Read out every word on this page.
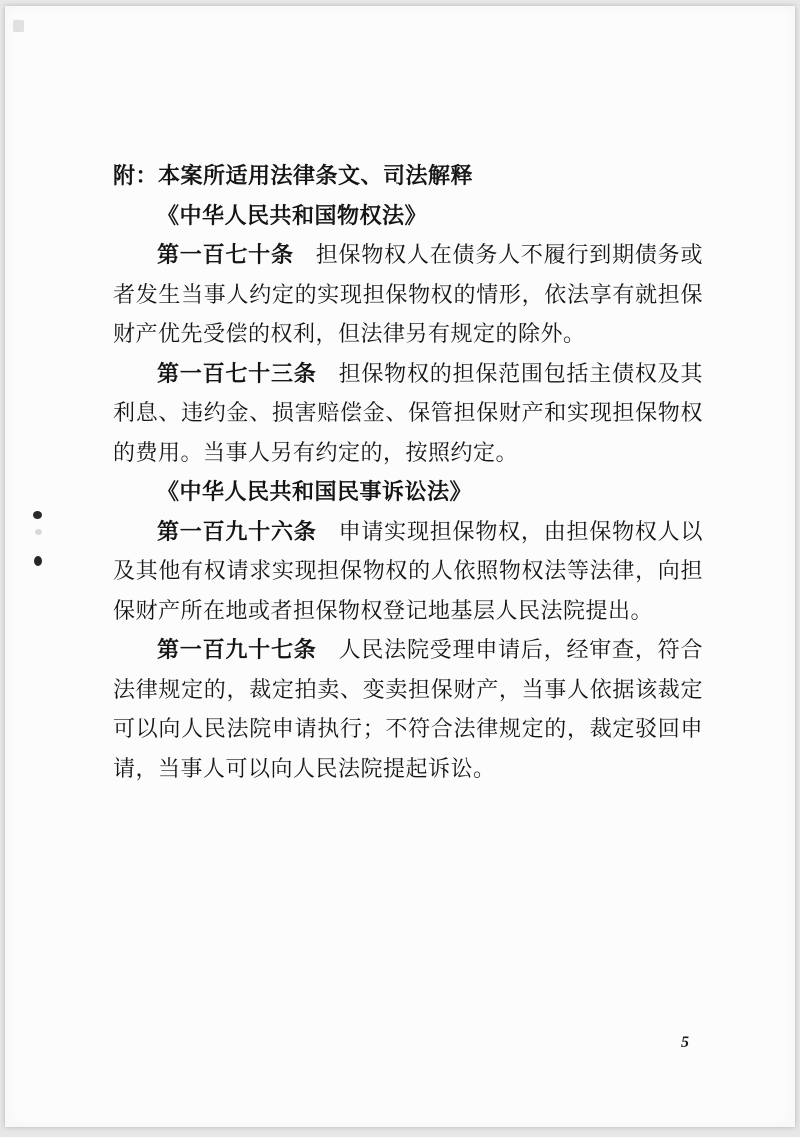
附：本案所适用法律条文、司法解释

《中华人民共和国物权法》

第一百七十条 担保物权人在债务人不履行到期债务或者发生当事人约定的实现担保物权的情形，依法享有就担保财产优先受偿的权利，但法律另有规定的除外。

第一百七十三条 担保物权的担保范围包括主债权及其利息、违约金、损害赔偿金、保管担保财产和实现担保物权的费用。当事人另有约定的，按照约定。

《中华人民共和国民事诉讼法》

第一百九十六条 申请实现担保物权，由担保物权人以及其他有权请求实现担保物权的人依照物权法等法律，向担保财产所在地或者担保物权登记地基层人民法院提出。

第一百九十七条 人民法院受理申请后，经审查，符合法律规定的，裁定拍卖、变卖担保财产，当事人依据该裁定可以向人民法院申请执行；不符合法律规定的，裁定驳回申请，当事人可以向人民法院提起诉讼。

5
